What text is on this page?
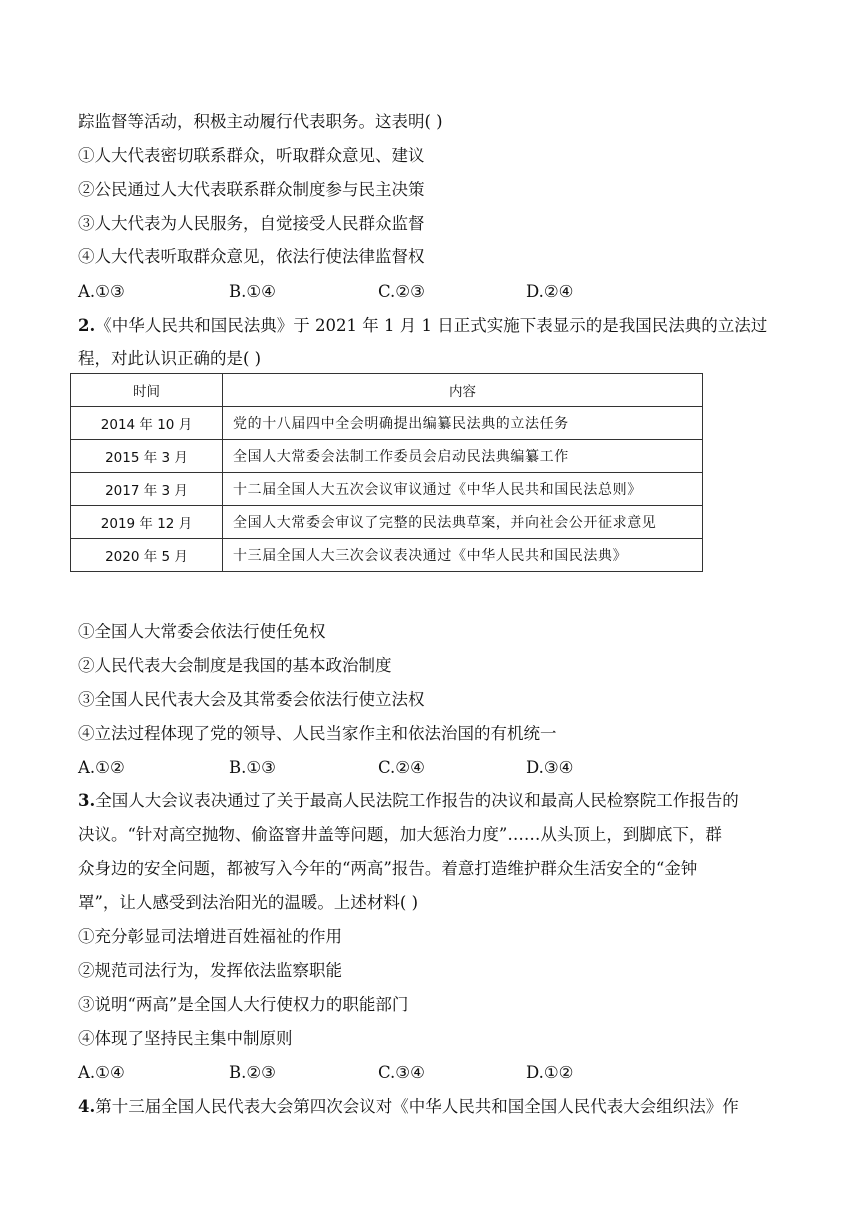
踪监督等活动，积极主动履行代表职务。这表明( )
①人大代表密切联系群众，听取群众意见、建议
②公民通过人大代表联系群众制度参与民主决策
③人大代表为人民服务，自觉接受人民群众监督
④人大代表听取群众意见，依法行使法律监督权
A.①③	B.①④	C.②③	D.②④
2.《中华人民共和国民法典》于 2021 年 1 月 1 日正式实施下表显示的是我国民法典的立法过
程，对此认识正确的是( )
时间	内容
2014 年 10 月	党的十八届四中全会明确提出编纂民法典的立法任务
2015 年 3 月	全国人大常委会法制工作委员会启动民法典编纂工作
2017 年 3 月	十二届全国人大五次会议审议通过《中华人民共和国民法总则》
2019 年 12 月	全国人大常委会审议了完整的民法典草案，并向社会公开征求意见
2020 年 5 月	十三届全国人大三次会议表决通过《中华人民共和国民法典》
①全国人大常委会依法行使任免权
②人民代表大会制度是我国的基本政治制度
③全国人民代表大会及其常委会依法行使立法权
④立法过程体现了党的领导、人民当家作主和依法治国的有机统一
A.①②	B.①③	C.②④	D.③④
3.全国人大会议表决通过了关于最高人民法院工作报告的决议和最高人民检察院工作报告的
决议。“针对高空抛物、偷盗窨井盖等问题，加大惩治力度”……从头顶上，到脚底下，群
众身边的安全问题，都被写入今年的“两高”报告。着意打造维护群众生活安全的“金钟
罩”，让人感受到法治阳光的温暖。上述材料( )
①充分彰显司法增进百姓福祉的作用
②规范司法行为，发挥依法监察职能
③说明“两高”是全国人大行使权力的职能部门
④体现了坚持民主集中制原则
A.①④	B.②③	C.③④	D.①②
4.第十三届全国人民代表大会第四次会议对《中华人民共和国全国人民代表大会组织法》作
